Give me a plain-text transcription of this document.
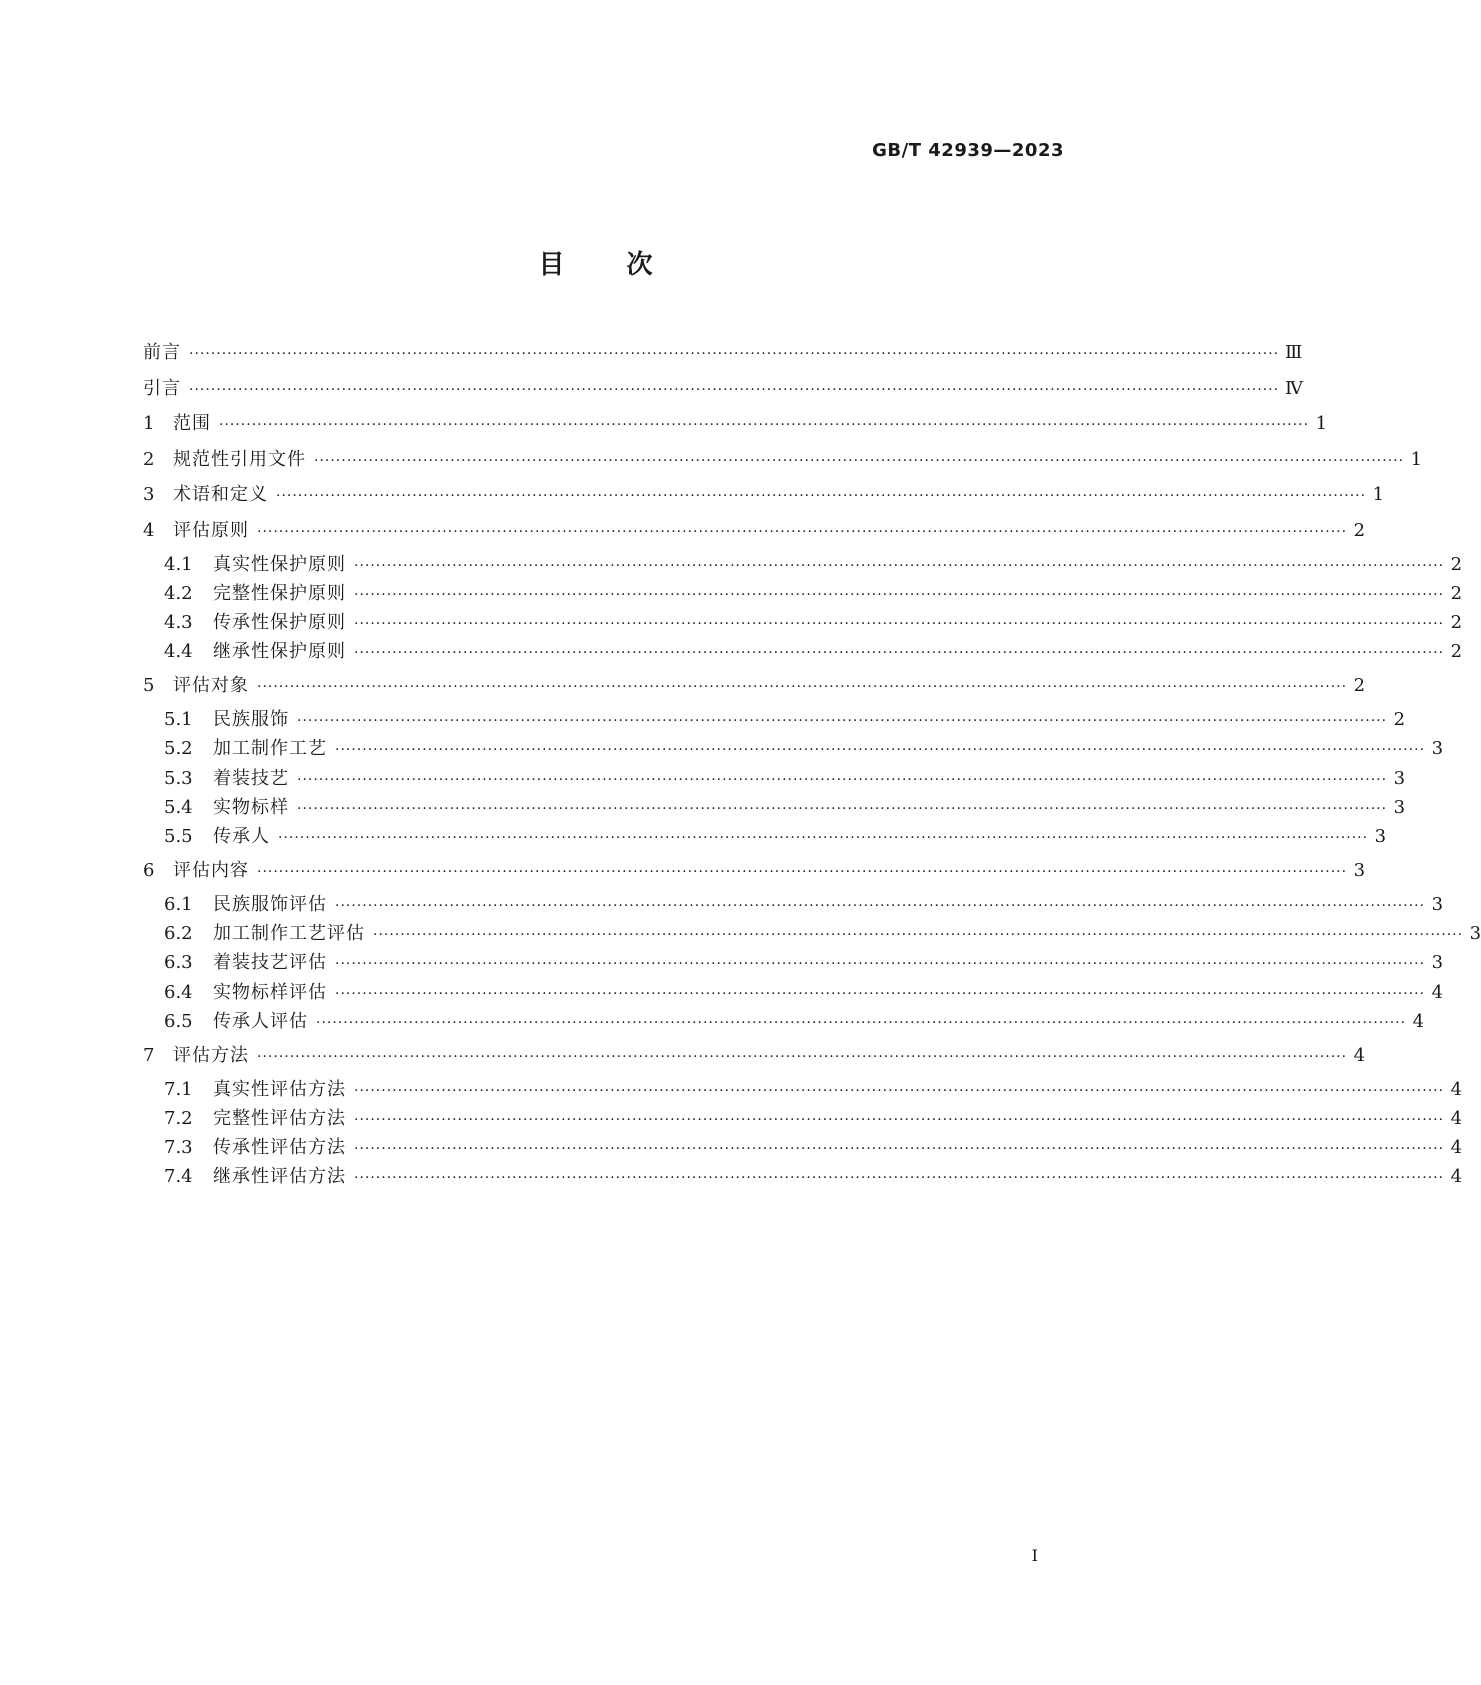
GB/T 42939—2023
目次
前言 ········································································································································································································ Ⅲ
引言 ········································································································································································································ Ⅳ
1	范围 ········································································································································································································ 1
2	规范性引用文件 ········································································································································································································ 1
3	术语和定义 ········································································································································································································ 1
4	评估原则 ········································································································································································································ 2
4.1	真实性保护原则 ········································································································································································································ 2
4.2	完整性保护原则 ········································································································································································································ 2
4.3	传承性保护原则 ········································································································································································································ 2
4.4	继承性保护原则 ········································································································································································································ 2
5	评估对象 ········································································································································································································ 2
5.1	民族服饰 ········································································································································································································ 2
5.2	加工制作工艺 ········································································································································································································ 3
5.3	着装技艺 ········································································································································································································ 3
5.4	实物标样 ········································································································································································································ 3
5.5	传承人 ········································································································································································································ 3
6	评估内容 ········································································································································································································ 3
6.1	民族服饰评估 ········································································································································································································ 3
6.2	加工制作工艺评估 ········································································································································································································ 3
6.3	着装技艺评估 ········································································································································································································ 3
6.4	实物标样评估 ········································································································································································································ 4
6.5	传承人评估 ········································································································································································································ 4
7	评估方法 ········································································································································································································ 4
7.1	真实性评估方法 ········································································································································································································ 4
7.2	完整性评估方法 ········································································································································································································ 4
7.3	传承性评估方法 ········································································································································································································ 4
7.4	继承性评估方法 ········································································································································································································ 4
I
